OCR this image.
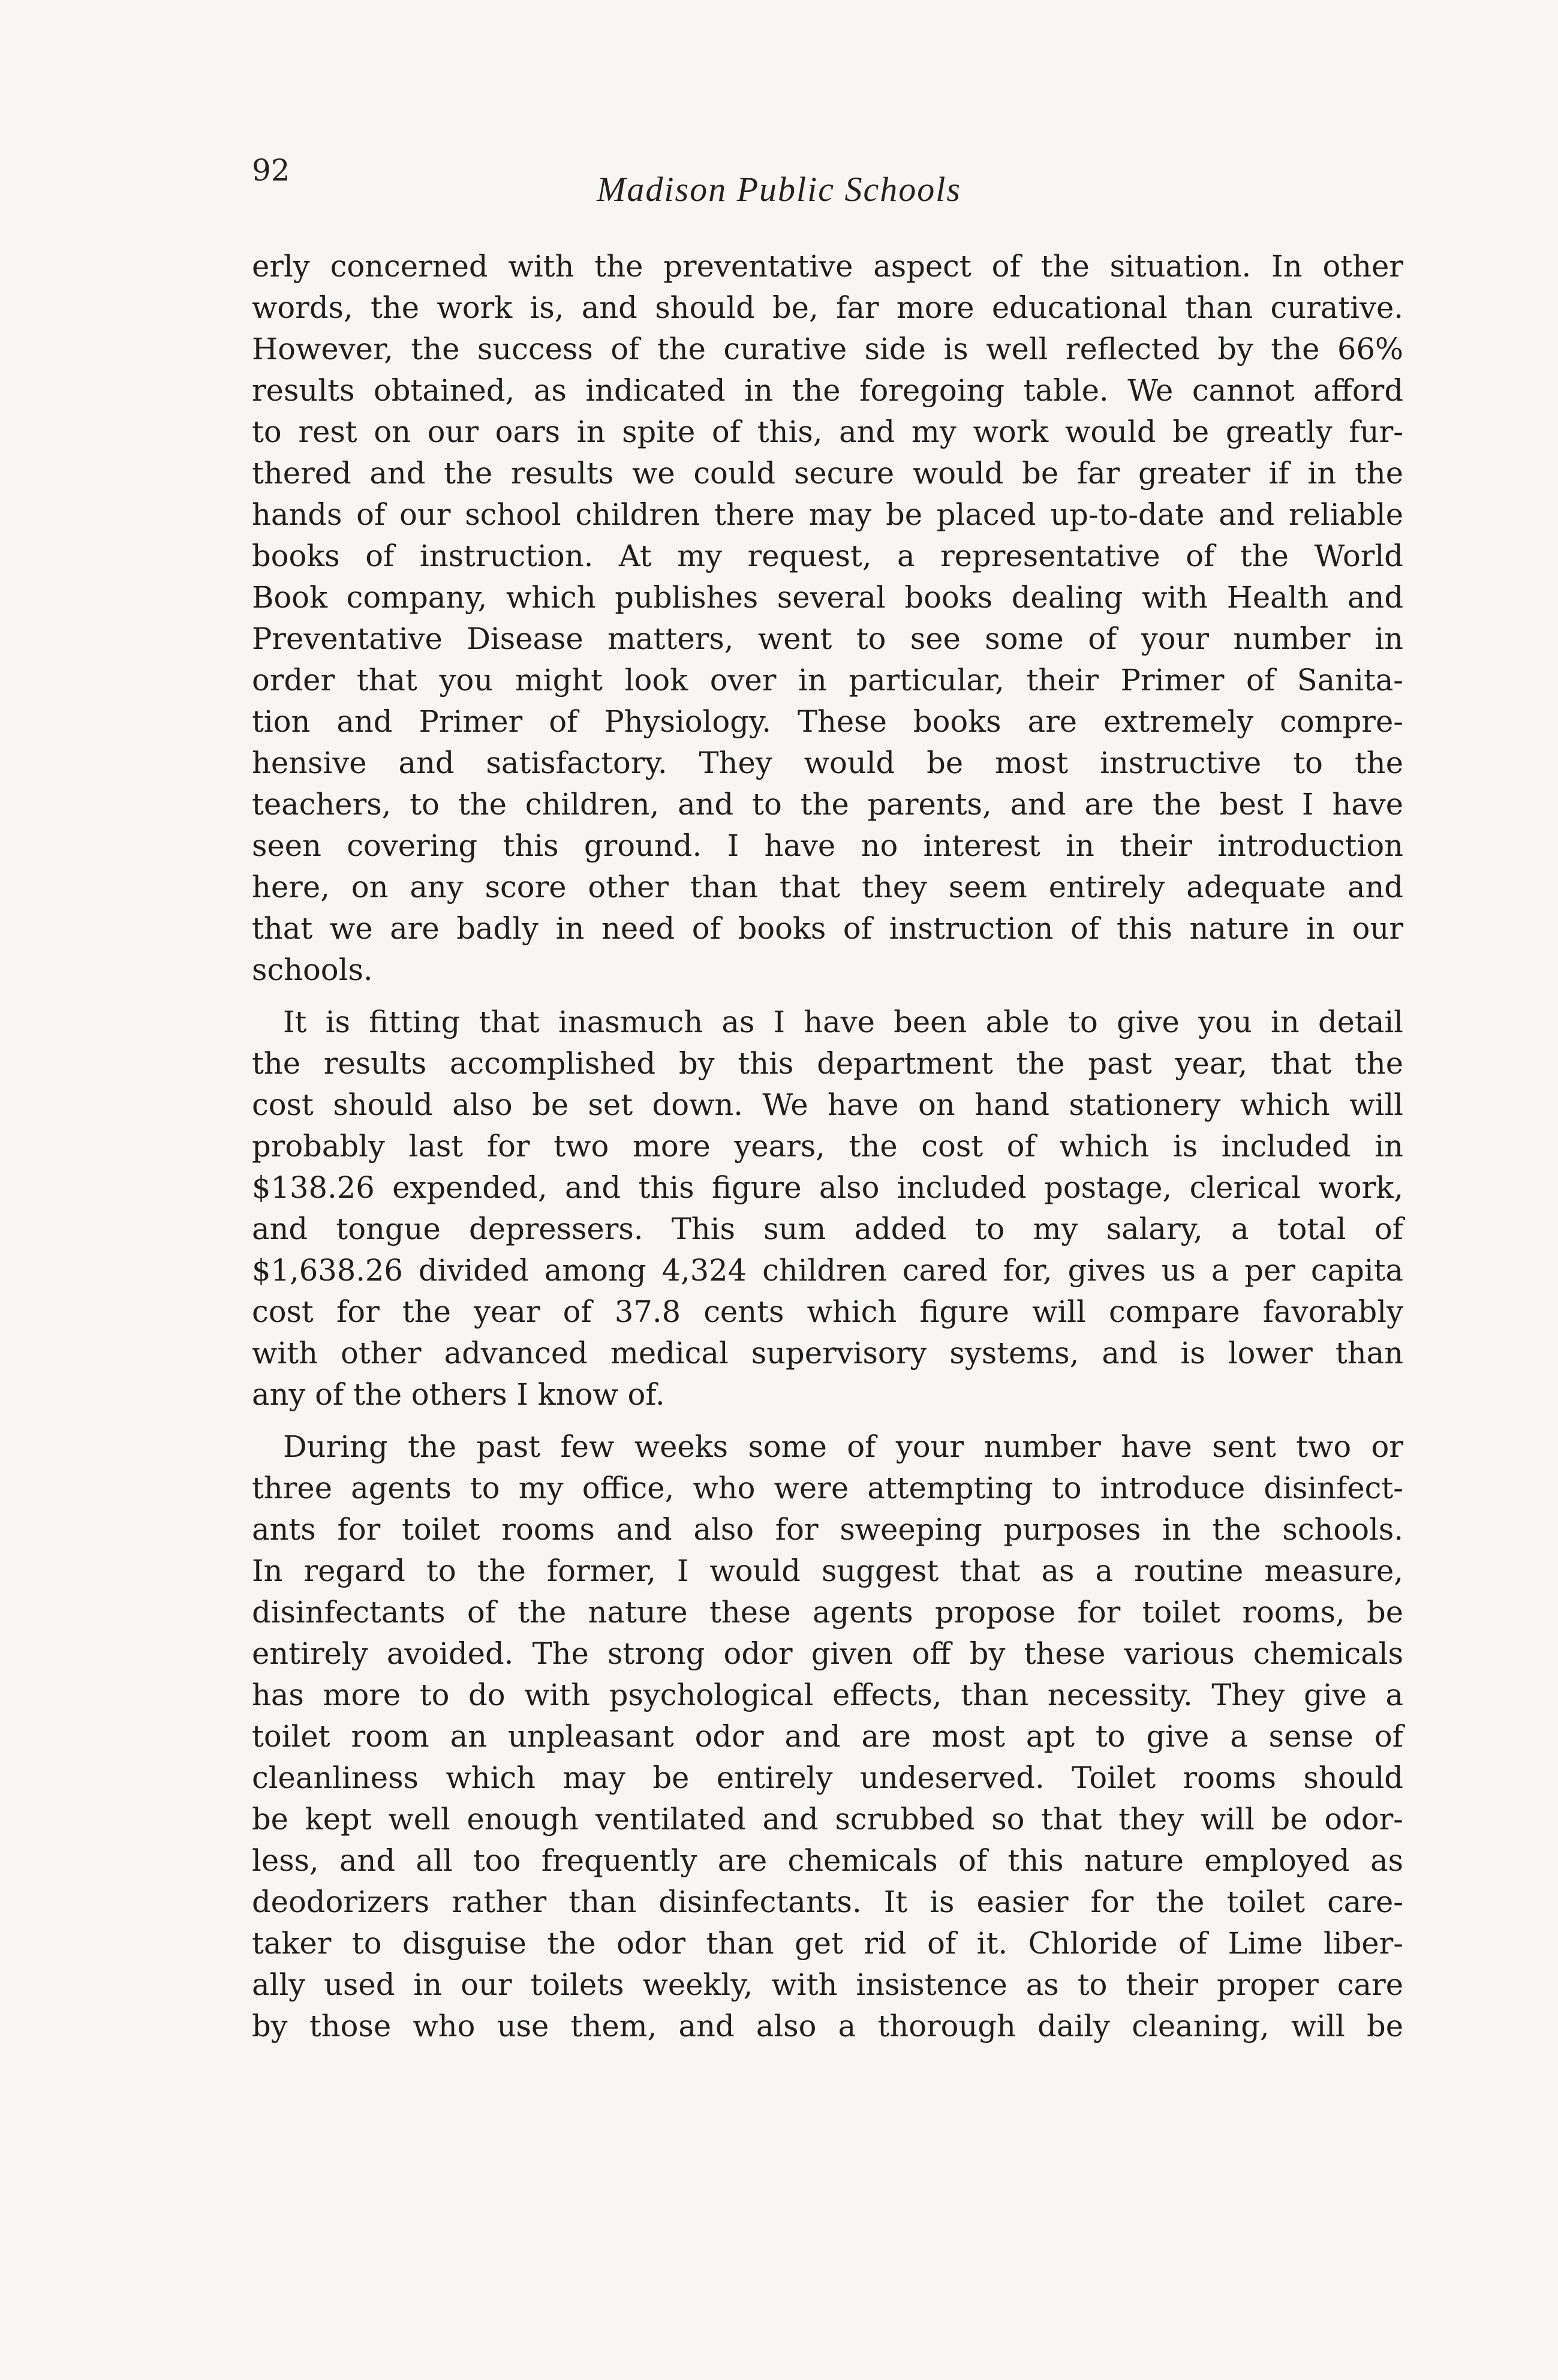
92	Madison Public Schools
erly concerned with the preventative aspect of the situation. In other
words, the work is, and should be, far more educational than curative.
However, the success of the curative side is well reflected by the 66%
results obtained, as indicated in the foregoing table. We cannot afford
to rest on our oars in spite of this, and my work would be greatly fur-
thered and the results we could secure would be far greater if in the
hands of our school children there may be placed up-to-date and reliable
books of instruction. At my request, a representative of the World
Book company, which publishes several books dealing with Health and
Preventative Disease matters, went to see some of your number in
order that you might look over in particular, their Primer of Sanita-
tion and Primer of Physiology. These books are extremely compre-
hensive and satisfactory. They would be most instructive to the
teachers, to the children, and to the parents, and are the best I have
seen covering this ground. I have no interest in their introduction
here, on any score other than that they seem entirely adequate and
that we are badly in need of books of instruction of this nature in our
schools.
It is fitting that inasmuch as I have been able to give you in detail
the results accomplished by this department the past year, that the
cost should also be set down. We have on hand stationery which will
probably last for two more years, the cost of which is included in
$138.26 expended, and this figure also included postage, clerical work,
and tongue depressers. This sum added to my salary, a total of
$1,638.26 divided among 4,324 children cared for, gives us a per capita
cost for the year of 37.8 cents which figure will compare favorably
with other advanced medical supervisory systems, and is lower than
any of the others I know of.
During the past few weeks some of your number have sent two or
three agents to my office, who were attempting to introduce disinfect-
ants for toilet rooms and also for sweeping purposes in the schools.
In regard to the former, I would suggest that as a routine measure,
disinfectants of the nature these agents propose for toilet rooms, be
entirely avoided. The strong odor given off by these various chemicals
has more to do with psychological effects, than necessity. They give a
toilet room an unpleasant odor and are most apt to give a sense of
cleanliness which may be entirely undeserved. Toilet rooms should
be kept well enough ventilated and scrubbed so that they will be odor-
less, and all too frequently are chemicals of this nature employed as
deodorizers rather than disinfectants. It is easier for the toilet care-
taker to disguise the odor than get rid of it. Chloride of Lime liber-
ally used in our toilets weekly, with insistence as to their proper care
by those who use them, and also a thorough daily cleaning, will be
